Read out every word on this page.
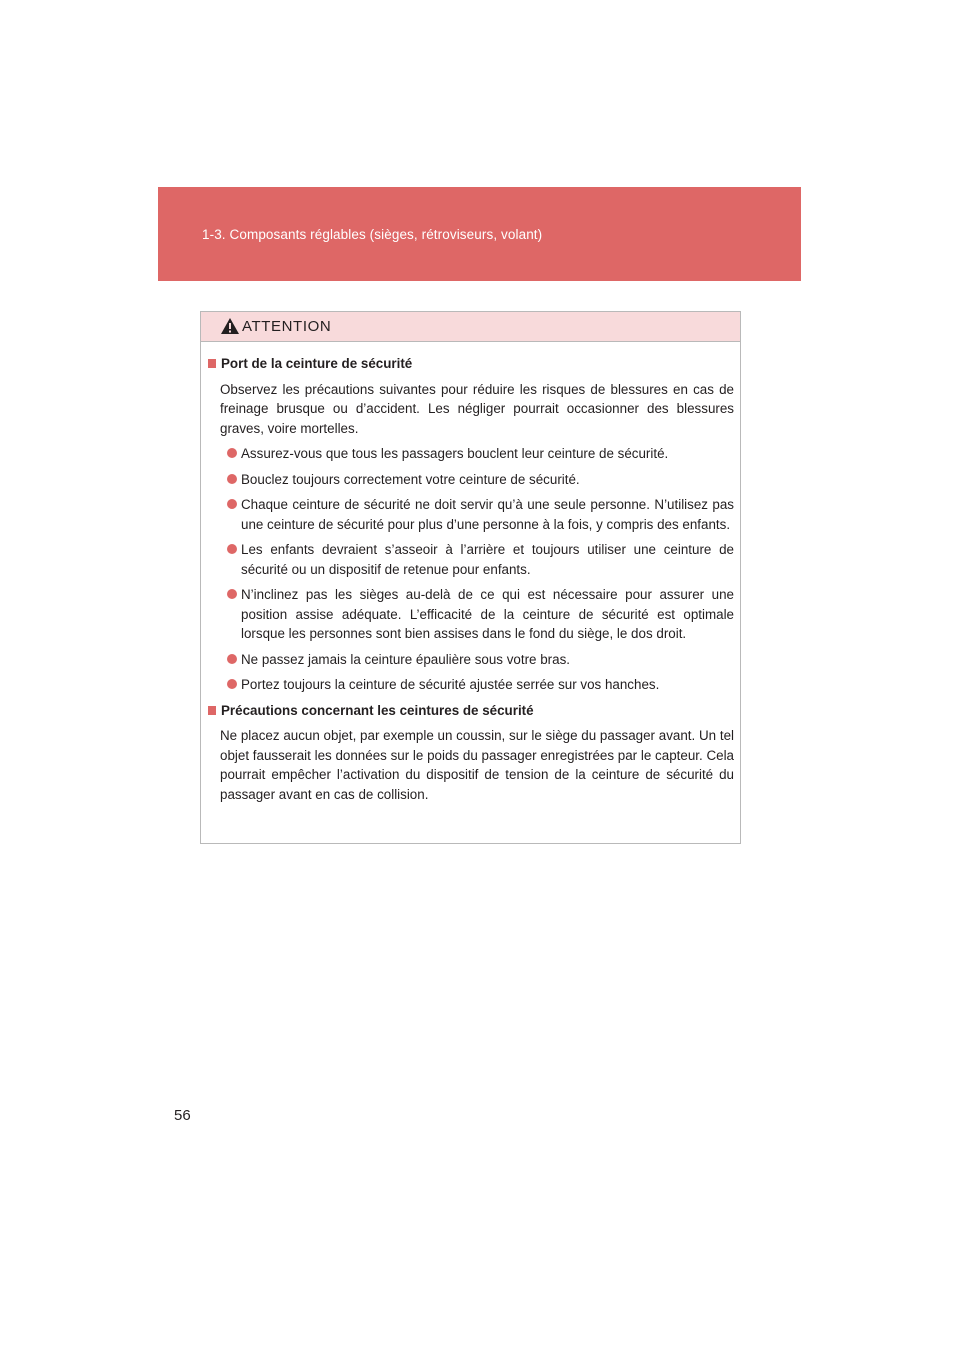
1-3. Composants réglables (sièges, rétroviseurs, volant)
ATTENTION
Port de la ceinture de sécurité
Observez les précautions suivantes pour réduire les risques de blessures en cas de freinage brusque ou d’accident. Les négliger pourrait occasionner des blessures graves, voire mortelles.
Assurez-vous que tous les passagers bouclent leur ceinture de sécurité.
Bouclez toujours correctement votre ceinture de sécurité.
Chaque ceinture de sécurité ne doit servir qu’à une seule personne. N’utilisez pas une ceinture de sécurité pour plus d’une personne à la fois, y compris des enfants.
Les enfants devraient s’asseoir à l’arrière et toujours utiliser une ceinture de sécurité ou un dispositif de retenue pour enfants.
N’inclinez pas les sièges au-delà de ce qui est nécessaire pour assurer une position assise adéquate. L’efficacité de la ceinture de sécurité est optimale lorsque les personnes sont bien assises dans le fond du siège, le dos droit.
Ne passez jamais la ceinture épaulière sous votre bras.
Portez toujours la ceinture de sécurité ajustée serrée sur vos hanches.
Précautions concernant les ceintures de sécurité
Ne placez aucun objet, par exemple un coussin, sur le siège du passager avant. Un tel objet fausserait les données sur le poids du passager enregistrées par le capteur. Cela pourrait empêcher l’activation du dispositif de tension de la ceinture de sécurité du passager avant en cas de collision.
56
